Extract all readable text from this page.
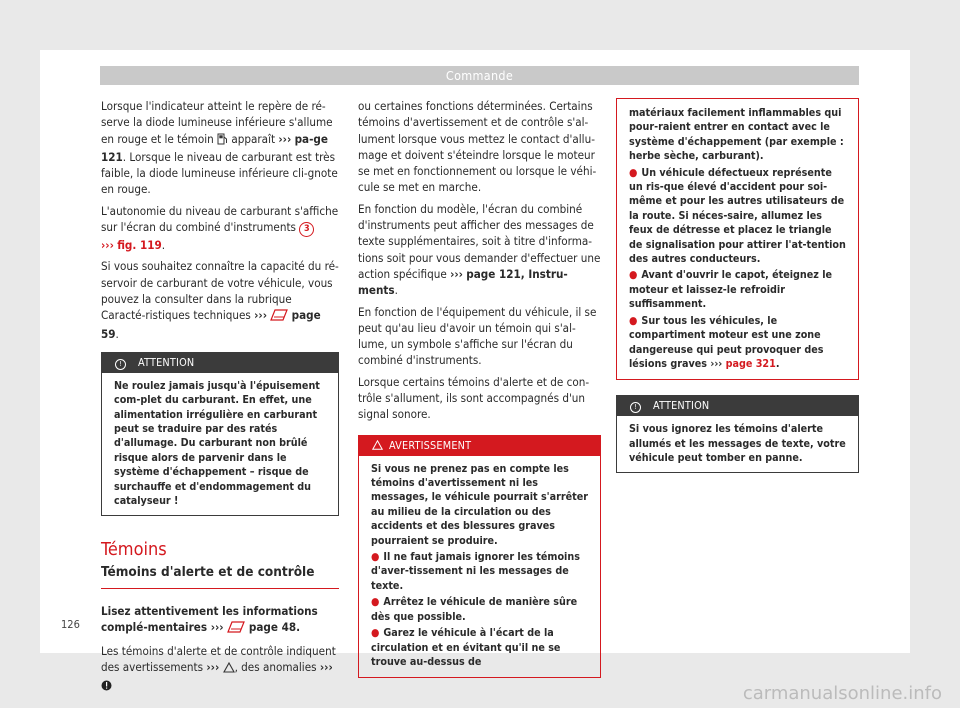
Commande

Lorsque l'indicateur atteint le repère de ré-serve la diode lumineuse inférieure s'allume en rouge et le témoin apparaît ››› pa-ge 121. Lorsque le niveau de carburant est très faible, la diode lumineuse inférieure cli-gnote en rouge.

L'autonomie du niveau de carburant s'affiche sur l'écran du combiné d'instruments 3
››› fig. 119.

Si vous souhaitez connaître la capacité du ré-servoir de carburant de votre véhicule, vous pouvez la consulter dans la rubrique Caracté-ristiques techniques ››› page 59.

! ATTENTION
Ne roulez jamais jusqu'à l'épuisement com-plet du carburant. En effet, une alimentation irrégulière en carburant peut se traduire par des ratés d'allumage. Du carburant non brûlé risque alors de parvenir dans le système d'échappement – risque de surchauffe et d'endommagement du catalyseur !
Témoins
Témoins d'alerte et de contrôle

Lisez attentivement les informations complé-mentaires ››› page 48.

Les témoins d'alerte et de contrôle indiquent des avertissements ››› , des anomalies ›››

ou certaines fonctions déterminées. Certains témoins d'avertissement et de contrôle s'al-lument lorsque vous mettez le contact d'allu-mage et doivent s'éteindre lorsque le moteur se met en fonctionnement ou lorsque le véhi-cule se met en marche.

En fonction du modèle, l'écran du combiné d'instruments peut afficher des messages de texte supplémentaires, soit à titre d'informa-tions soit pour vous demander d'effectuer une action spécifique ››› page 121, Instru-ments.

En fonction de l'équipement du véhicule, il se peut qu'au lieu d'avoir un témoin qui s'al-lume, un symbole s'affiche sur l'écran du combiné d'instruments.

Lorsque certains témoins d'alerte et de con-trôle s'allument, ils sont accompagnés d'un signal sonore.

AVERTISSEMENT

Si vous ne prenez pas en compte les témoins d'avertissement ni les messages, le véhicule pourrait s'arrêter au milieu de la circulation ou des accidents et des blessures graves pourraient se produire.

● Il ne faut jamais ignorer les témoins d'aver-tissement ni les messages de texte.

● Arrêtez le véhicule de manière sûre dès que possible.

● Garez le véhicule à l'écart de la circulation et en évitant qu'il ne se trouve au-dessus de

matériaux facilement inflammables qui pour-raient entrer en contact avec le système d'échappement (par exemple : herbe sèche, carburant).

● Un véhicule défectueux représente un ris-que élevé d'accident pour soi-même et pour les autres utilisateurs de la route. Si néces-saire, allumez les feux de détresse et placez le triangle de signalisation pour attirer l'at-tention des autres conducteurs.

● Avant d'ouvrir le capot, éteignez le moteur et laissez-le refroidir suffisamment.

● Sur tous les véhicules, le compartiment moteur est une zone dangereuse qui peut provoquer des lésions graves ››› page 321.

! ATTENTION
Si vous ignorez les témoins d'alerte allumés et les messages de texte, votre véhicule peut tomber en panne.
126
carmanualsonline.info
